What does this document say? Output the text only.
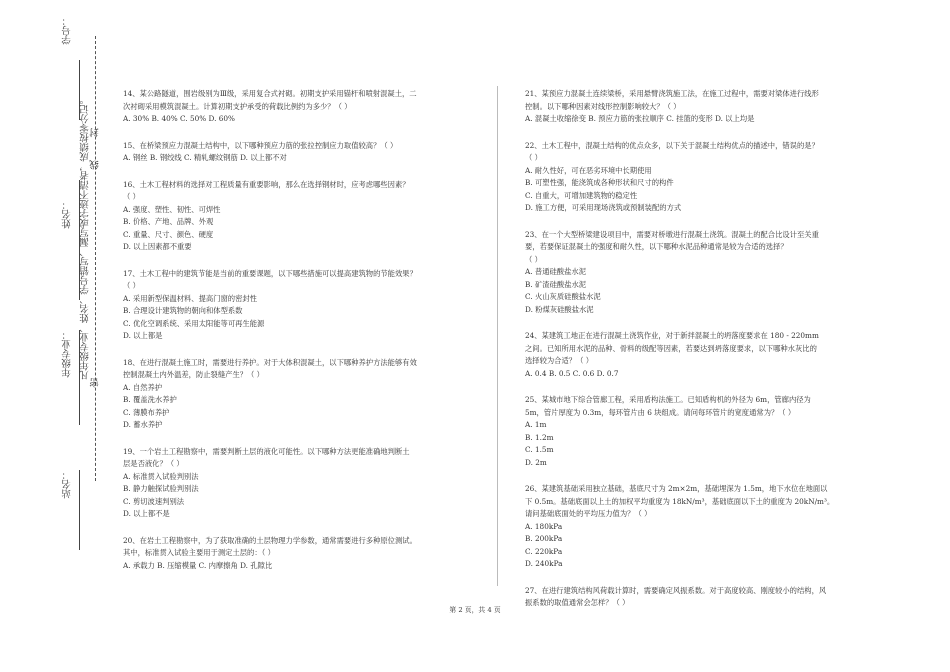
学号：
姓名：
年级专业：
站名：
凡年级专业、姓名、学号错写、漏写或字迹不清者，成绩按零分记。
密
封
线

14、某公路隧道，围岩级别为Ⅲ级，采用复合式衬砌。初期支护采用锚杆和喷射混凝土，二

次衬砌采用模筑混凝土。计算初期支护承受的荷载比例约为多少？（ ）

A. 30% B. 40% C. 50% D. 60%

15、在桥梁预应力混凝土结构中，以下哪种预应力筋的张拉控制应力取值较高？（ ）

A. 钢丝 B. 钢绞线 C. 精轧螺纹钢筋 D. 以上都不对

16、土木工程材料的选择对工程质量有重要影响，那么在选择钢材时，应考虑哪些因素？

（ ）

A. 强度、塑性、韧性、可焊性

B. 价格、产地、品牌、外观

C. 重量、尺寸、颜色、硬度

D. 以上因素都不重要

17、土木工程中的建筑节能是当前的重要课题，以下哪些措施可以提高建筑物的节能效果？

（ ）

A. 采用新型保温材料、提高门窗的密封性

B. 合理设计建筑物的朝向和体型系数

C. 优化空调系统、采用太阳能等可再生能源

D. 以上都是

18、在进行混凝土施工时，需要进行养护。对于大体积混凝土，以下哪种养护方法能够有效

控制混凝土内外温差，防止裂缝产生？（ ）

A. 自然养护

B. 覆盖洗水养护

C. 薄膜布养护

D. 蓄水养护

19、一个岩土工程勘察中，需要判断土层的液化可能性。以下哪种方法更能准确地判断土

层是否液化？（ ）

A. 标准贯入试验判别法

B. 静力触探试验判别法

C. 剪切波速判别法

D. 以上都不是

20、在岩土工程勘察中，为了获取准确的土层物理力学参数，通常需要进行多种原位测试。

其中，标准贯入试验主要用于测定土层的：（ ）

A. 承载力 B. 压缩模量 C. 内摩擦角 D. 孔隙比

21、某预应力混凝土连续梁桥，采用悬臂浇筑施工法，在施工过程中，需要对梁体进行线形

控制。以下哪种因素对线形控制影响较大？（ ）

A. 混凝土收缩徐变 B. 预应力筋的张拉顺序 C. 挂篮的变形 D. 以上均是

22、土木工程中，混凝土结构的优点众多，以下关于混凝土结构优点的描述中，错误的是？

（ ）

A. 耐久性好，可在恶劣环境中长期使用

B. 可塑性强，能浇筑成各种形状和尺寸的构件

C. 自重大，可增加建筑物的稳定性

D. 施工方便，可采用现场浇筑或预制装配的方式

23、在一个大型桥梁建设项目中，需要对桥墩进行混凝土浇筑。混凝土的配合比设计至关重

要，若要保证混凝土的强度和耐久性，以下哪种水泥品种通常是较为合适的选择？

（ ）

A. 普通硅酸盐水泥

B. 矿渣硅酸盐水泥

C. 火山灰质硅酸盐水泥

D. 粉煤灰硅酸盐水泥

24、某建筑工地正在进行混凝土浇筑作业，对于新拌混凝土的坍落度要求在 180 - 220mm

之间。已知所用水泥的品种、骨料的级配等因素，若要达到坍落度要求，以下哪种水灰比的

选择较为合适？（ ）

A. 0.4 B. 0.5 C. 0.6 D. 0.7

25、某城市地下综合管廊工程，采用盾构法施工。已知盾构机的外径为 6m，管廊内径为

5m，管片厚度为 0.3m，每环管片由 6 块组成。请问每环管片的宽度通常为？（ ）

A. 1m

B. 1.2m

C. 1.5m

D. 2m

26、某建筑基础采用独立基础，基底尺寸为 2m×2m，基础埋深为 1.5m，地下水位在地面以

下 0.5m。基础底面以上土的加权平均重度为 18kN/m³，基础底面以下土的重度为 20kN/m³。

请问基础底面处的平均压力值为？（ ）

A. 180kPa

B. 200kPa

C. 220kPa

D. 240kPa

27、在进行建筑结构风荷载计算时，需要确定风振系数。对于高度较高、刚度较小的结构，风

振系数的取值通常会怎样？（ ）

第 2 页，共 4 页
